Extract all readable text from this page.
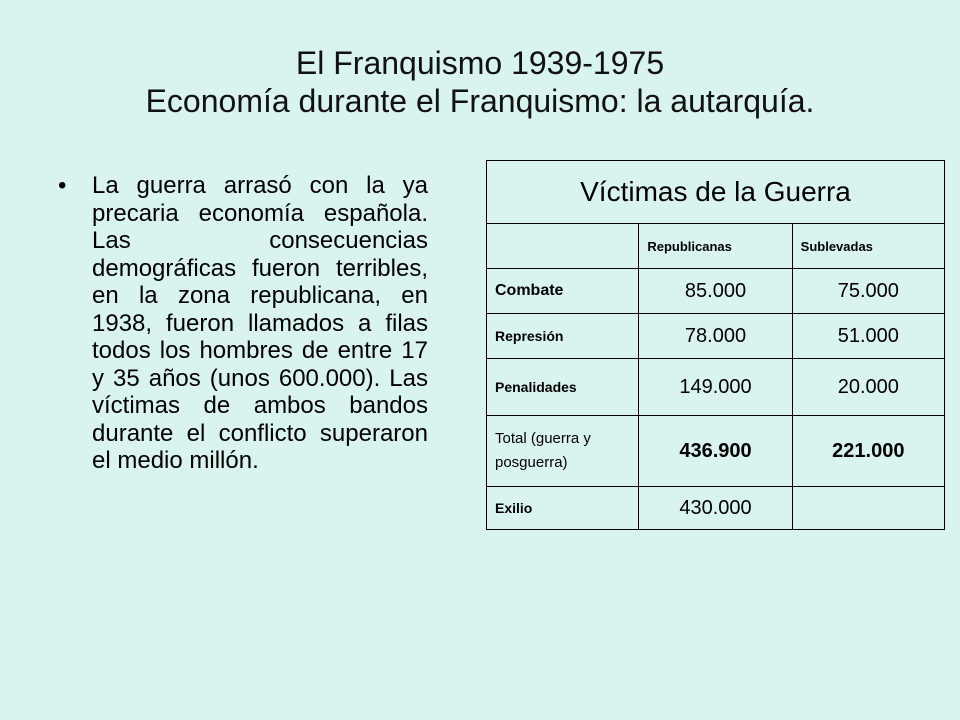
El Franquismo 1939-1975
Economía durante el Franquismo: la autarquía.
• La guerra arrasó con la ya precaria economía española. Las consecuencias demográficas fueron terribles, en la zona republicana, en 1938, fueron llamados a filas todos los hombres de entre 17 y 35 años (unos 600.000). Las víctimas de ambos bandos durante el conflicto superaron el medio millón.
Víctimas de la Guerra		
	Republicanas	Sublevadas
Combate	85.000	75.000
Represión	78.000	51.000
Penalidades	149.000	20.000
Total (guerra y posguerra)	436.900	221.000
Exilio	430.000	
